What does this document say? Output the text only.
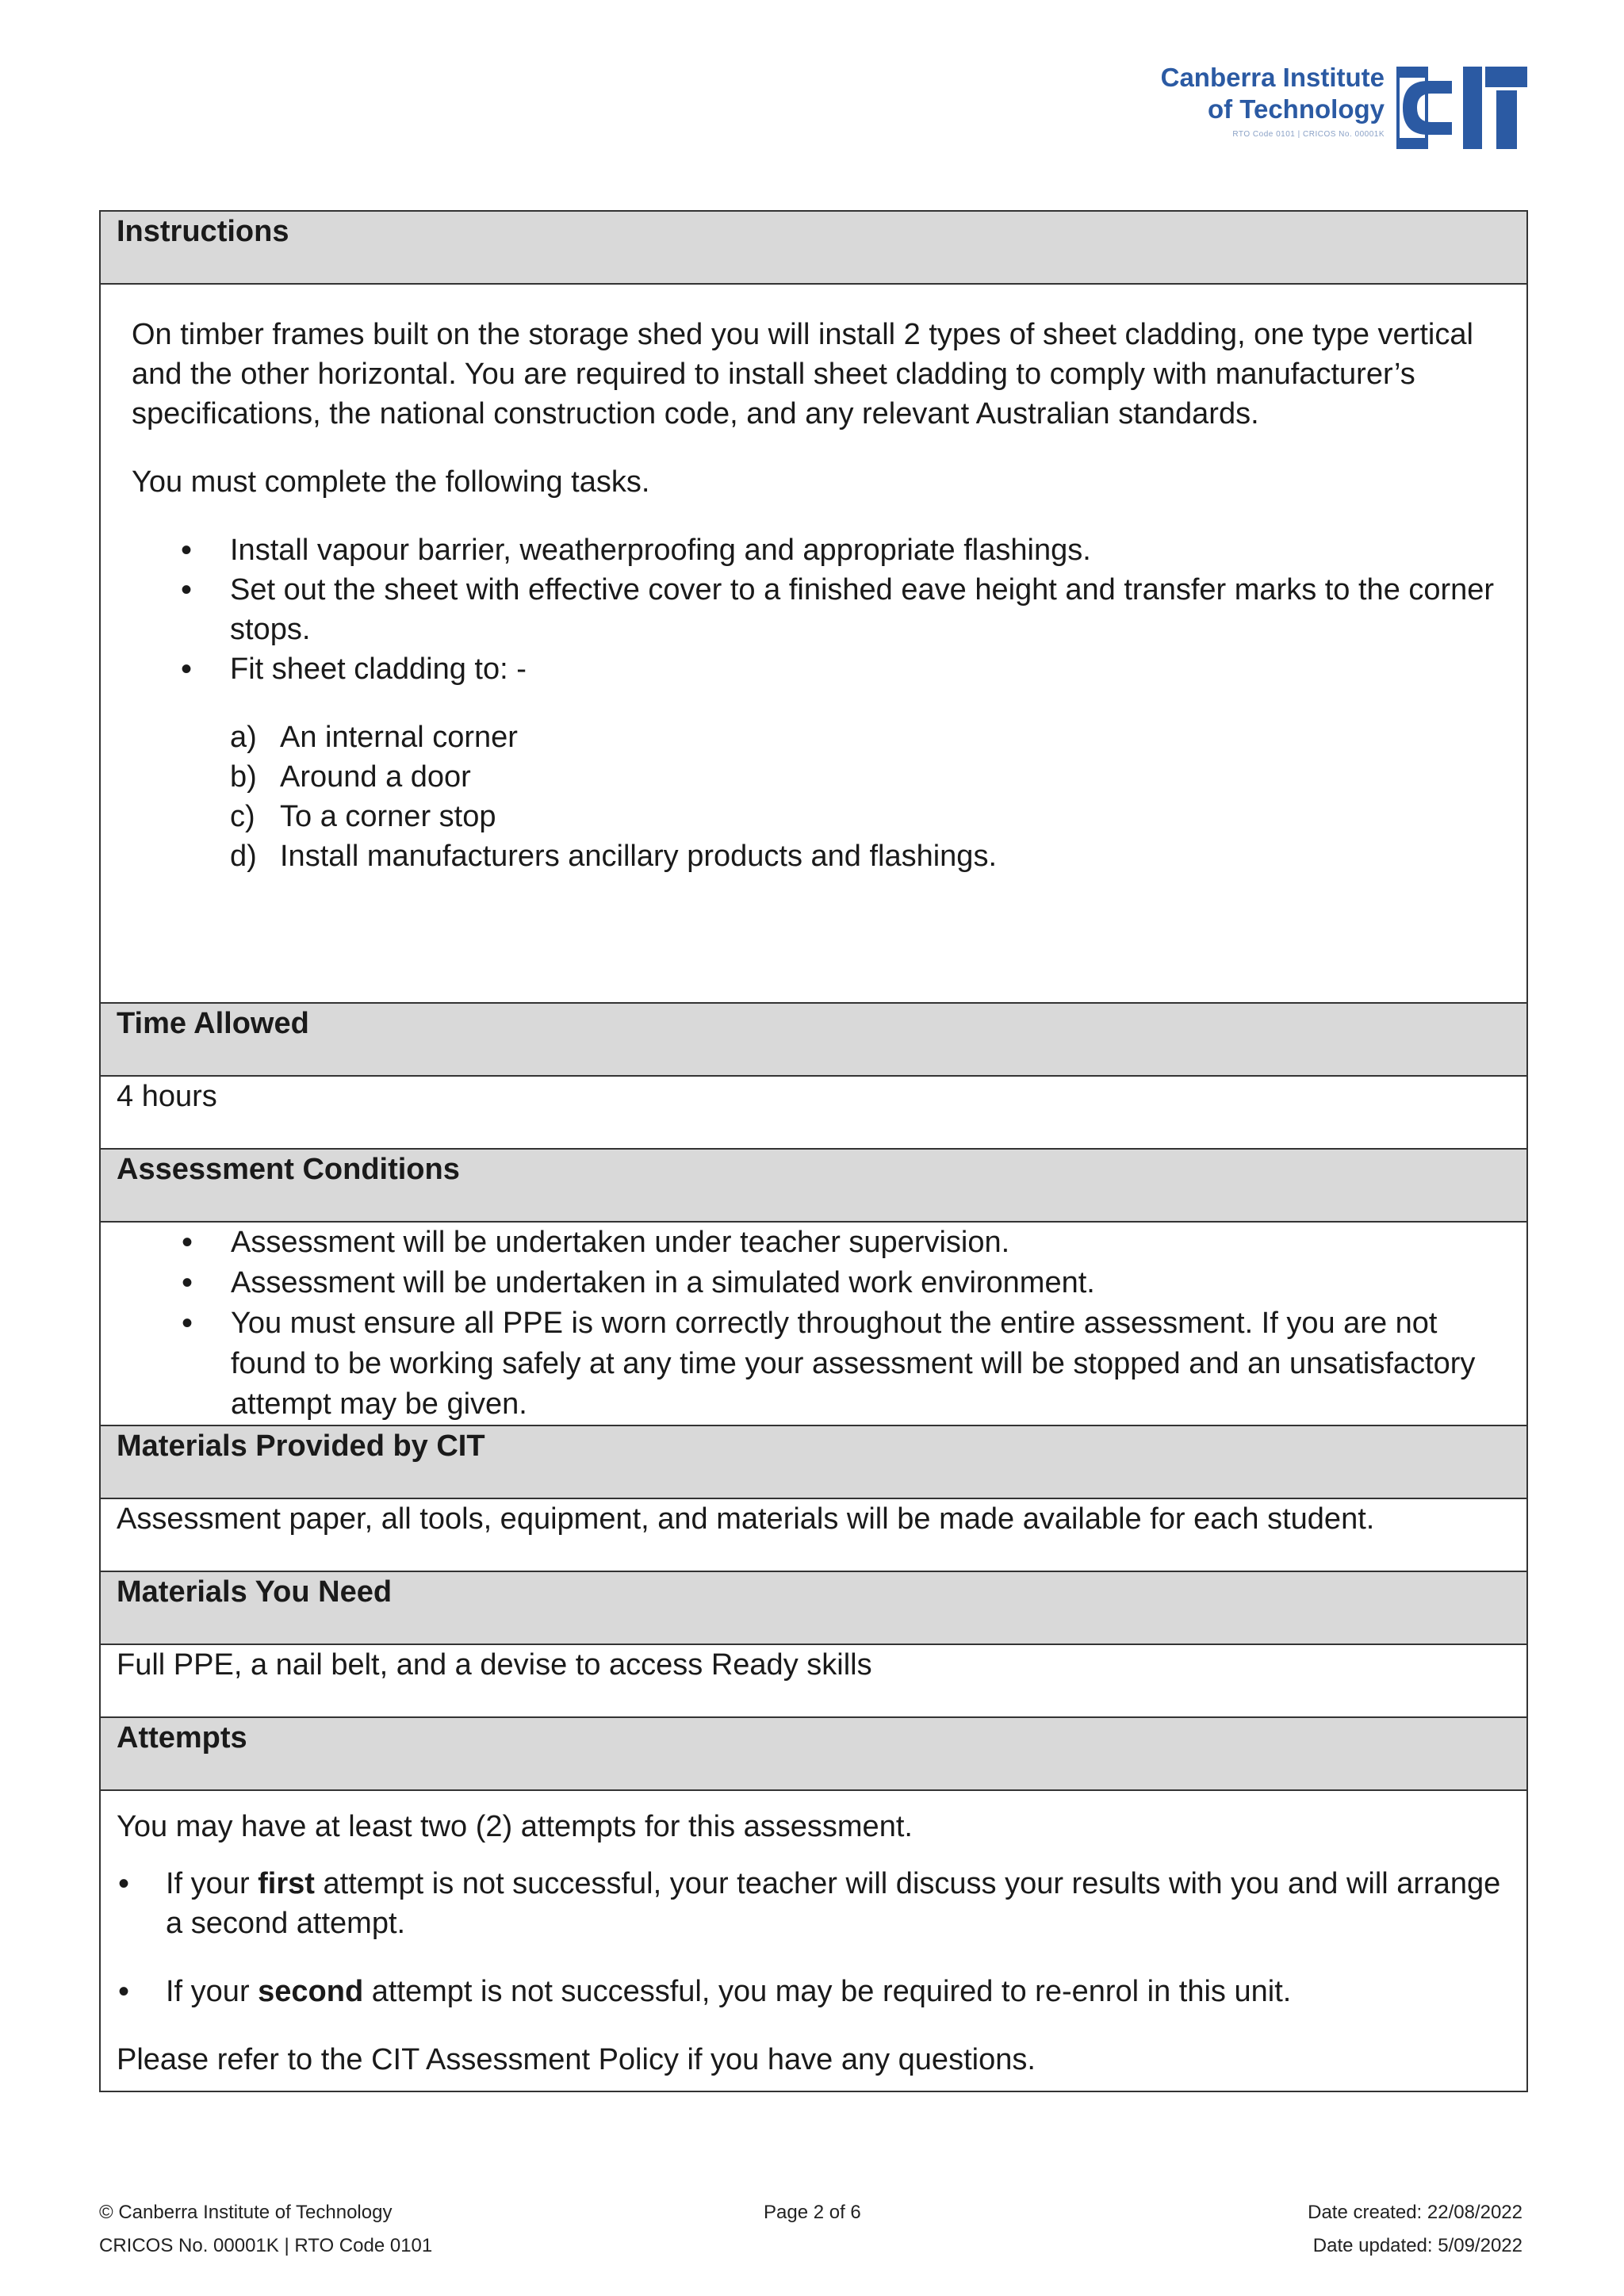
Canberra Institute
of Technology
RTO Code 0101 | CRICOS No. 00001K
Instructions

On timber frames built on the storage shed you will install 2 types of sheet cladding, one type vertical and the other horizontal. You are required to install sheet cladding to comply with manufacturer’s specifications, the national construction code, and any relevant Australian standards.

You must complete the following tasks.

• Install vapour barrier, weatherproofing and appropriate flashings.
• Set out the sheet with effective cover to a finished eave height and transfer marks to the corner stops.
• Fit sheet cladding to: -
a) An internal corner
b) Around a door
c) To a corner stop
d) Install manufacturers ancillary products and flashings.

Time Allowed
4 hours
Assessment Conditions

• Assessment will be undertaken under teacher supervision.
• Assessment will be undertaken in a simulated work environment.
• You must ensure all PPE is worn correctly throughout the entire assessment. If you are not found to be working safely at any time your assessment will be stopped and an unsatisfactory attempt may be given.

Materials Provided by CIT
Assessment paper, all tools, equipment, and materials will be made available for each student.
Materials You Need
Full PPE, a nail belt, and a devise to access Ready skills
Attempts

You may have at least two (2) attempts for this assessment.

• If your first attempt is not successful, your teacher will discuss your results with you and will arrange a second attempt.
• If your second attempt is not successful, you may be required to re-enrol in this unit.

Please refer to the CIT Assessment Policy if you have any questions.

© Canberra Institute of Technology
CRICOS No. 00001K | RTO Code 0101
Page 2 of 6	Date created: 22/08/2022
Date updated: 5/09/2022
